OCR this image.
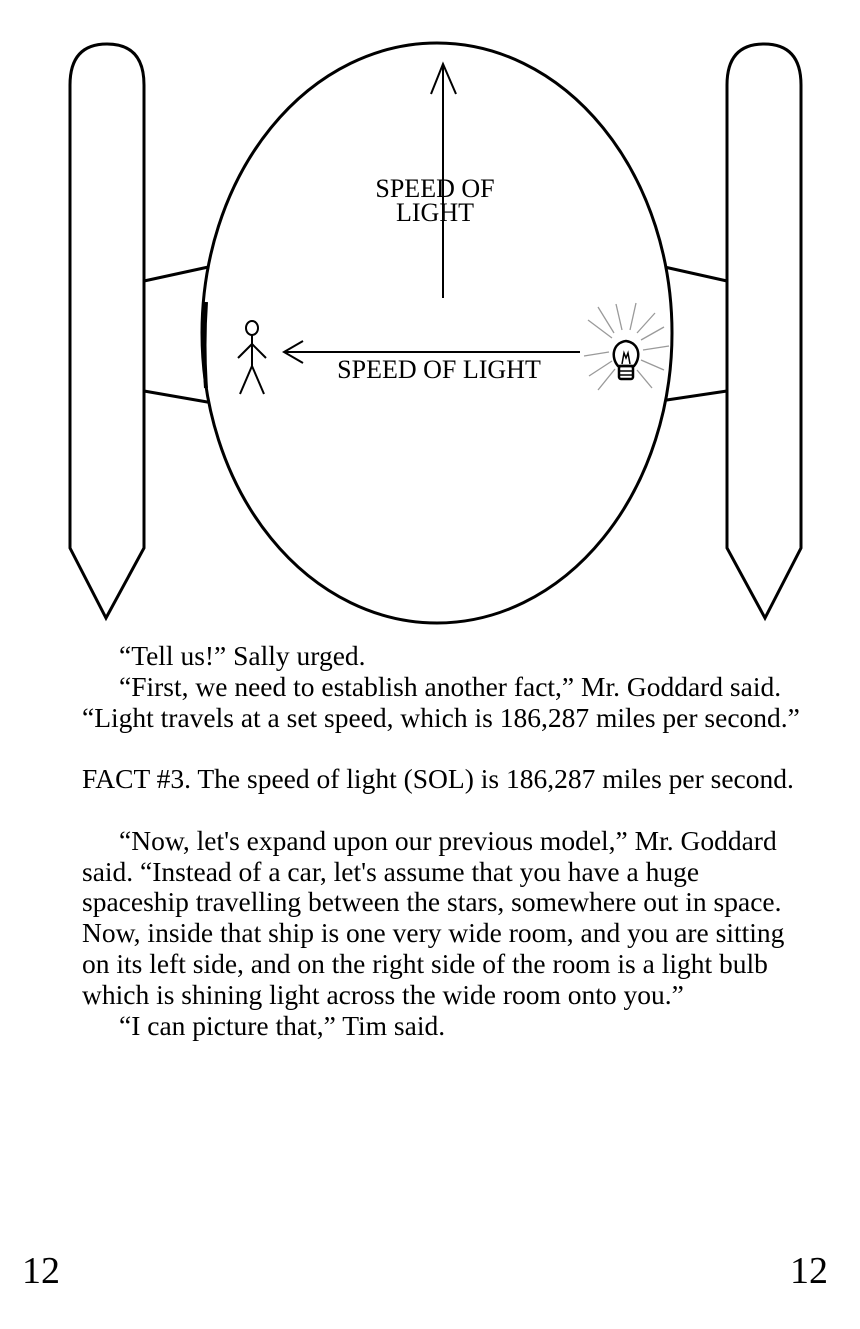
SPEED OF
LIGHT
SPEED OF LIGHT

“Tell us!” Sally urged.

“First, we need to establish another fact,” Mr. Goddard said. “Light travels at a set speed, which is 186,287 miles per second.”

FACT #3. The speed of light (SOL) is 186,287 miles per second.

“Now, let's expand upon our previous model,” Mr. Goddard said. “Instead of a car, let's assume that you have a huge spaceship travelling between the stars, somewhere out in space. Now, inside that ship is one very wide room, and you are sitting on its left side, and on the right side of the room is a light bulb which is shining light across the wide room onto you.”

“I can picture that,” Tim said.

12	12
